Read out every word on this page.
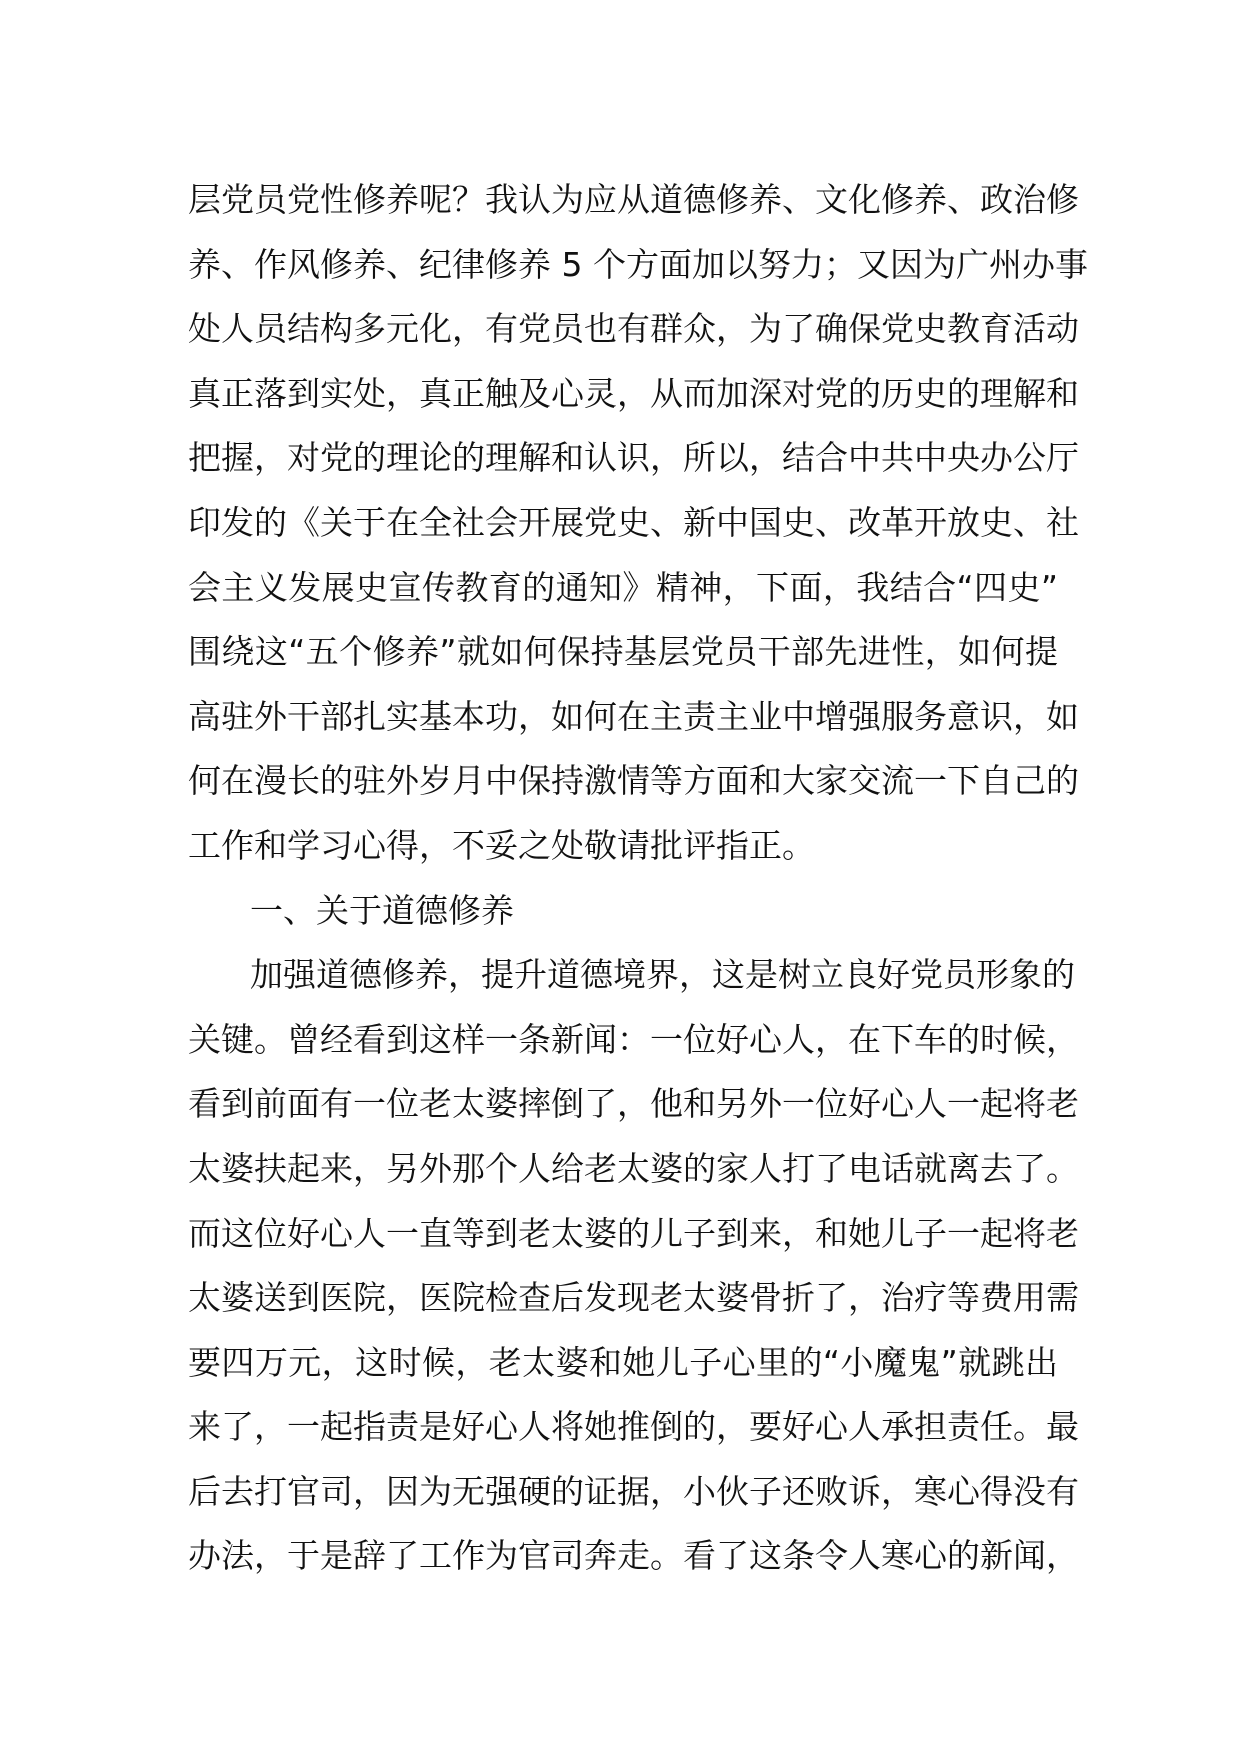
层党员党性修养呢？我认为应从道德修养、文化修养、政治修
养、作风修养、纪律修养 5 个方面加以努力；又因为广州办事
处人员结构多元化，有党员也有群众，为了确保党史教育活动
真正落到实处，真正触及心灵，从而加深对党的历史的理解和
把握，对党的理论的理解和认识，所以，结合中共中央办公厅
印发的《关于在全社会开展党史、新中国史、改革开放史、社
会主义发展史宣传教育的通知》精神，下面，我结合“四史”
围绕这“五个修养”就如何保持基层党员干部先进性，如何提
高驻外干部扎实基本功，如何在主责主业中增强服务意识，如
何在漫长的驻外岁月中保持激情等方面和大家交流一下自己的
工作和学习心得，不妥之处敬请批评指正。
一、关于道德修养
加强道德修养，提升道德境界，这是树立良好党员形象的
关键。曾经看到这样一条新闻：一位好心人，在下车的时候，
看到前面有一位老太婆摔倒了，他和另外一位好心人一起将老
太婆扶起来，另外那个人给老太婆的家人打了电话就离去了。
而这位好心人一直等到老太婆的儿子到来，和她儿子一起将老
太婆送到医院，医院检查后发现老太婆骨折了，治疗等费用需
要四万元，这时候，老太婆和她儿子心里的“小魔鬼”就跳出
来了，一起指责是好心人将她推倒的，要好心人承担责任。最
后去打官司，因为无强硬的证据，小伙子还败诉，寒心得没有
办法，于是辞了工作为官司奔走。看了这条令人寒心的新闻，
